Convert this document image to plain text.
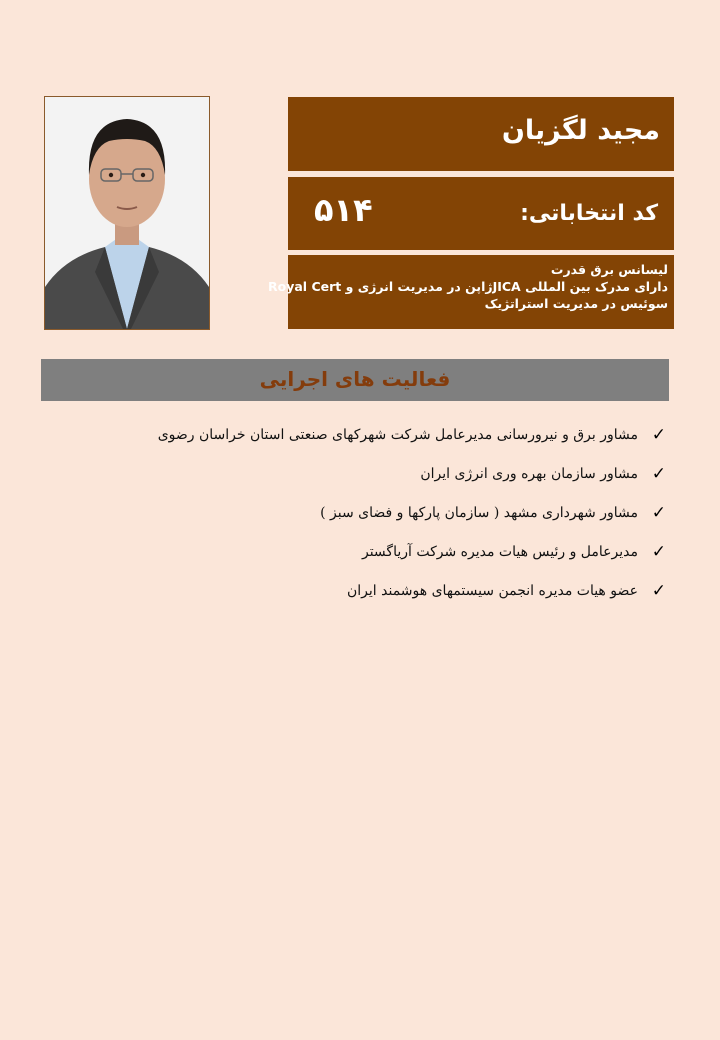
مجید لگزیان
کد انتخاباتی:
۵۱۴
لیسانس برق قدرت
دارای مدرک بین المللی JICAژاپن در مدیریت انرژی و Royal Cert
سوئیس در مدیریت استراتژیک
فعالیت های اجرایی
✓
مشاور برق و نیرورسانی مدیرعامل شرکت شهرکهای صنعتی استان خراسان رضوی
✓
مشاور سازمان بهره وری انرژی ایران
✓
مشاور شهرداری مشهد ( سازمان پارکها و فضای سبز )
✓
مدیرعامل و رئیس هیات مدیره شرکت آریاگستر
✓
عضو هیات مدیره انجمن سیستمهای هوشمند ایران
